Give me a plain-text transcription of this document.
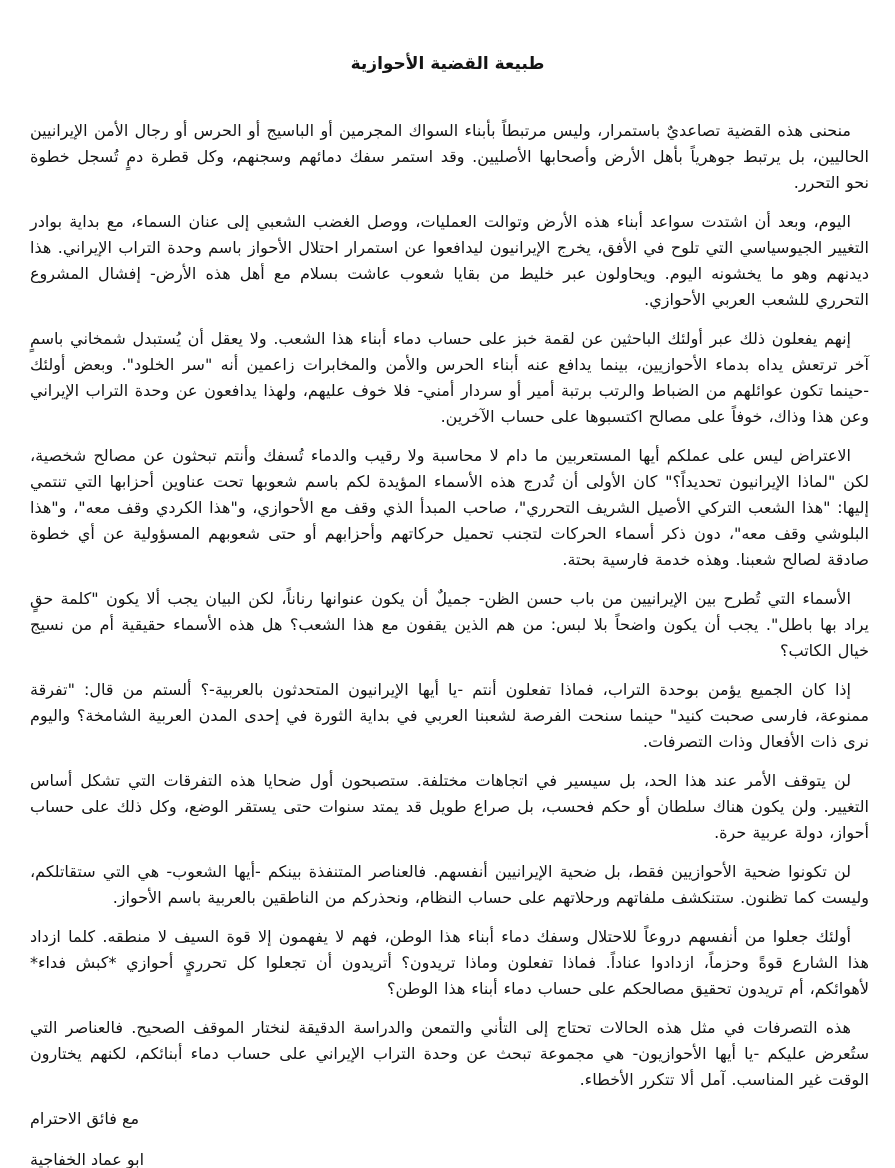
طبيعة القضية الأحوازية

منحنى هذه القضية تصاعديٌ باستمرار، وليس مرتبطاً بأبناء السواك المجرمين أو الباسيج أو الحرس أو رجال الأمن الإيرانيين الحاليين، بل يرتبط جوهرياً بأهل الأرض وأصحابها الأصليين. وقد استمر سفك دمائهم وسجنهم، وكل قطرة دمٍ تُسجل خطوة نحو التحرر.

اليوم، وبعد أن اشتدت سواعد أبناء هذه الأرض وتوالت العمليات، ووصل الغضب الشعبي إلى عنان السماء، مع بداية بوادر التغيير الجيوسياسي التي تلوح في الأفق، يخرج الإيرانيون ليدافعوا عن استمرار احتلال الأحواز باسم وحدة التراب الإيراني. هذا ديدنهم وهو ما يخشونه اليوم. ويحاولون عبر خليط من بقايا شعوب عاشت بسلام مع أهل هذه الأرض- إفشال المشروع التحرري للشعب العربي الأحوازي.

إنهم يفعلون ذلك عبر أولئك الباحثين عن لقمة خبز على حساب دماء أبناء هذا الشعب. ولا يعقل أن يُستبدل شمخاني باسمٍ آخر ترتعش يداه بدماء الأحوازيين، بينما يدافع عنه أبناء الحرس والأمن والمخابرات زاعمين أنه "سر الخلود". وبعض أولئك -حينما تكون عوائلهم من الضباط والرتب برتبة أمير أو سردار أمني- فلا خوف عليهم، ولهذا يدافعون عن وحدة التراب الإيراني وعن هذا وذاك، خوفاً على مصالح اكتسبوها على حساب الآخرين.

الاعتراض ليس على عملكم أيها المستعربين ما دام لا محاسبة ولا رقيب والدماء تُسفك وأنتم تبحثون عن مصالح شخصية، لكن "لماذا الإيرانيون تحديداً؟" كان الأولى أن تُدرج هذه الأسماء المؤيدة لكم باسم شعوبها تحت عناوين أحزابها التي تنتمي إليها: "هذا الشعب التركي الأصيل الشريف التحرري"، صاحب المبدأ الذي وقف مع الأحوازي، و"هذا الكردي وقف معه"، و"هذا البلوشي وقف معه"، دون ذكر أسماء الحركات لتجنب تحميل حركاتهم وأحزابهم أو حتى شعوبهم المسؤولية عن أي خطوة صادقة لصالح شعبنا. وهذه خدمة فارسية بحتة.

الأسماء التي تُطرح بين الإيرانيين من باب حسن الظن- جميلٌ أن يكون عنوانها رناناً، لكن البيان يجب ألا يكون "كلمة حقٍ يراد بها باطل". يجب أن يكون واضحاً بلا لبس: من هم الذين يقفون مع هذا الشعب؟ هل هذه الأسماء حقيقية أم من نسيج خيال الكاتب؟

إذا كان الجميع يؤمن بوحدة التراب، فماذا تفعلون أنتم -يا أيها الإيرانيون المتحدثون بالعربية-؟ ألستم من قال: "تفرقة ممنوعة، فارسى صحبت كنيد" حينما سنحت الفرصة لشعبنا العربي في بداية الثورة في إحدى المدن العربية الشامخة؟ واليوم نرى ذات الأفعال وذات التصرفات.

لن يتوقف الأمر عند هذا الحد، بل سيسير في اتجاهات مختلفة. ستصبحون أول ضحايا هذه التفرقات التي تشكل أساس التغيير. ولن يكون هناك سلطان أو حكم فحسب، بل صراع طويل قد يمتد سنوات حتى يستقر الوضع، وكل ذلك على حساب أحواز، دولة عربية حرة.

لن تكونوا ضحية الأحوازيين فقط، بل ضحية الإيرانيين أنفسهم. فالعناصر المتنفذة بينكم -أيها الشعوب- هي التي ستقاتلكم، وليست كما تظنون. ستنكشف ملفاتهم ورحلاتهم على حساب النظام، ونحذركم من الناطقين بالعربية باسم الأحواز.

أولئك جعلوا من أنفسهم دروعاً للاحتلال وسفك دماء أبناء هذا الوطن، فهم لا يفهمون إلا قوة السيف لا منطقه. كلما ازداد هذا الشارع قوةً وحزماً، ازدادوا عناداً. فماذا تفعلون وماذا تريدون؟ أتريدون أن تجعلوا كل تحرريٍ أحوازي *كبش فداء* لأهوائكم، أم تريدون تحقيق مصالحكم على حساب دماء أبناء هذا الوطن؟

هذه التصرفات في مثل هذه الحالات تحتاج إلى التأني والتمعن والدراسة الدقيقة لنختار الموقف الصحيح. فالعناصر التي ستُعرض عليكم -يا أيها الأحوازيون- هي مجموعة تبحث عن وحدة التراب الإيراني على حساب دماء أبنائكم، لكنهم يختارون الوقت غير المناسب. آمل ألا تتكرر الأخطاء.

مع فائق الاحترام

ابو عماد الخفاجية
